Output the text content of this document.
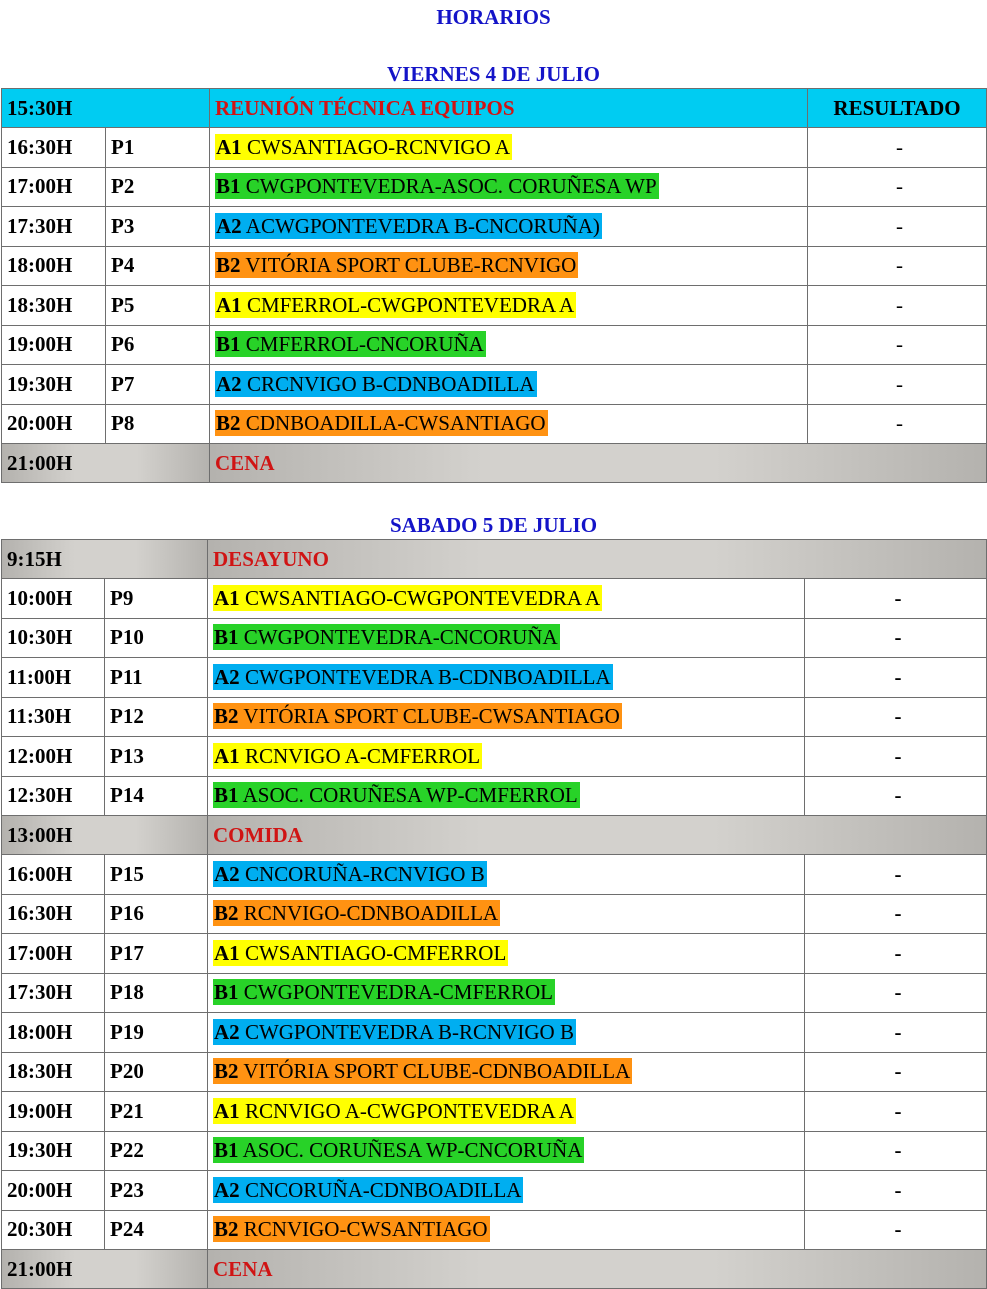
HORARIOS
VIERNES 4 DE JULIO
15:30H		REUNIÓN TÉCNICA EQUIPOS	RESULTADO
16:30H	P1	A1 CWSANTIAGO-RCNVIGO A	-
17:00H	P2	B1 CWGPONTEVEDRA-ASOC. CORUÑESA WP	-
17:30H	P3	A2 ACWGPONTEVEDRA B-CNCORUÑA)	-
18:00H	P4	B2 VITÓRIA SPORT CLUBE-RCNVIGO	-
18:30H	P5	A1 CMFERROL-CWGPONTEVEDRA A	-
19:00H	P6	B1 CMFERROL-CNCORUÑA	-
19:30H	P7	A2 CRCNVIGO B-CDNBOADILLA	-
20:00H	P8	B2 CDNBOADILLA-CWSANTIAGO	-
21:00H		CENA	
SABADO 5 DE JULIO
9:15H		DESAYUNO	
10:00H	P9	A1 CWSANTIAGO-CWGPONTEVEDRA A	-
10:30H	P10	B1 CWGPONTEVEDRA-CNCORUÑA	-
11:00H	P11	A2 CWGPONTEVEDRA B-CDNBOADILLA	-
11:30H	P12	B2 VITÓRIA SPORT CLUBE-CWSANTIAGO	-
12:00H	P13	A1 RCNVIGO A-CMFERROL	-
12:30H	P14	B1 ASOC. CORUÑESA WP-CMFERROL	-
13:00H		COMIDA	
16:00H	P15	A2 CNCORUÑA-RCNVIGO B	-
16:30H	P16	B2 RCNVIGO-CDNBOADILLA	-
17:00H	P17	A1 CWSANTIAGO-CMFERROL	-
17:30H	P18	B1 CWGPONTEVEDRA-CMFERROL	-
18:00H	P19	A2 CWGPONTEVEDRA B-RCNVIGO B	-
18:30H	P20	B2 VITÓRIA SPORT CLUBE-CDNBOADILLA	-
19:00H	P21	A1 RCNVIGO A-CWGPONTEVEDRA A	-
19:30H	P22	B1 ASOC. CORUÑESA WP-CNCORUÑA	-
20:00H	P23	A2 CNCORUÑA-CDNBOADILLA	-
20:30H	P24	B2 RCNVIGO-CWSANTIAGO	-
21:00H		CENA	
